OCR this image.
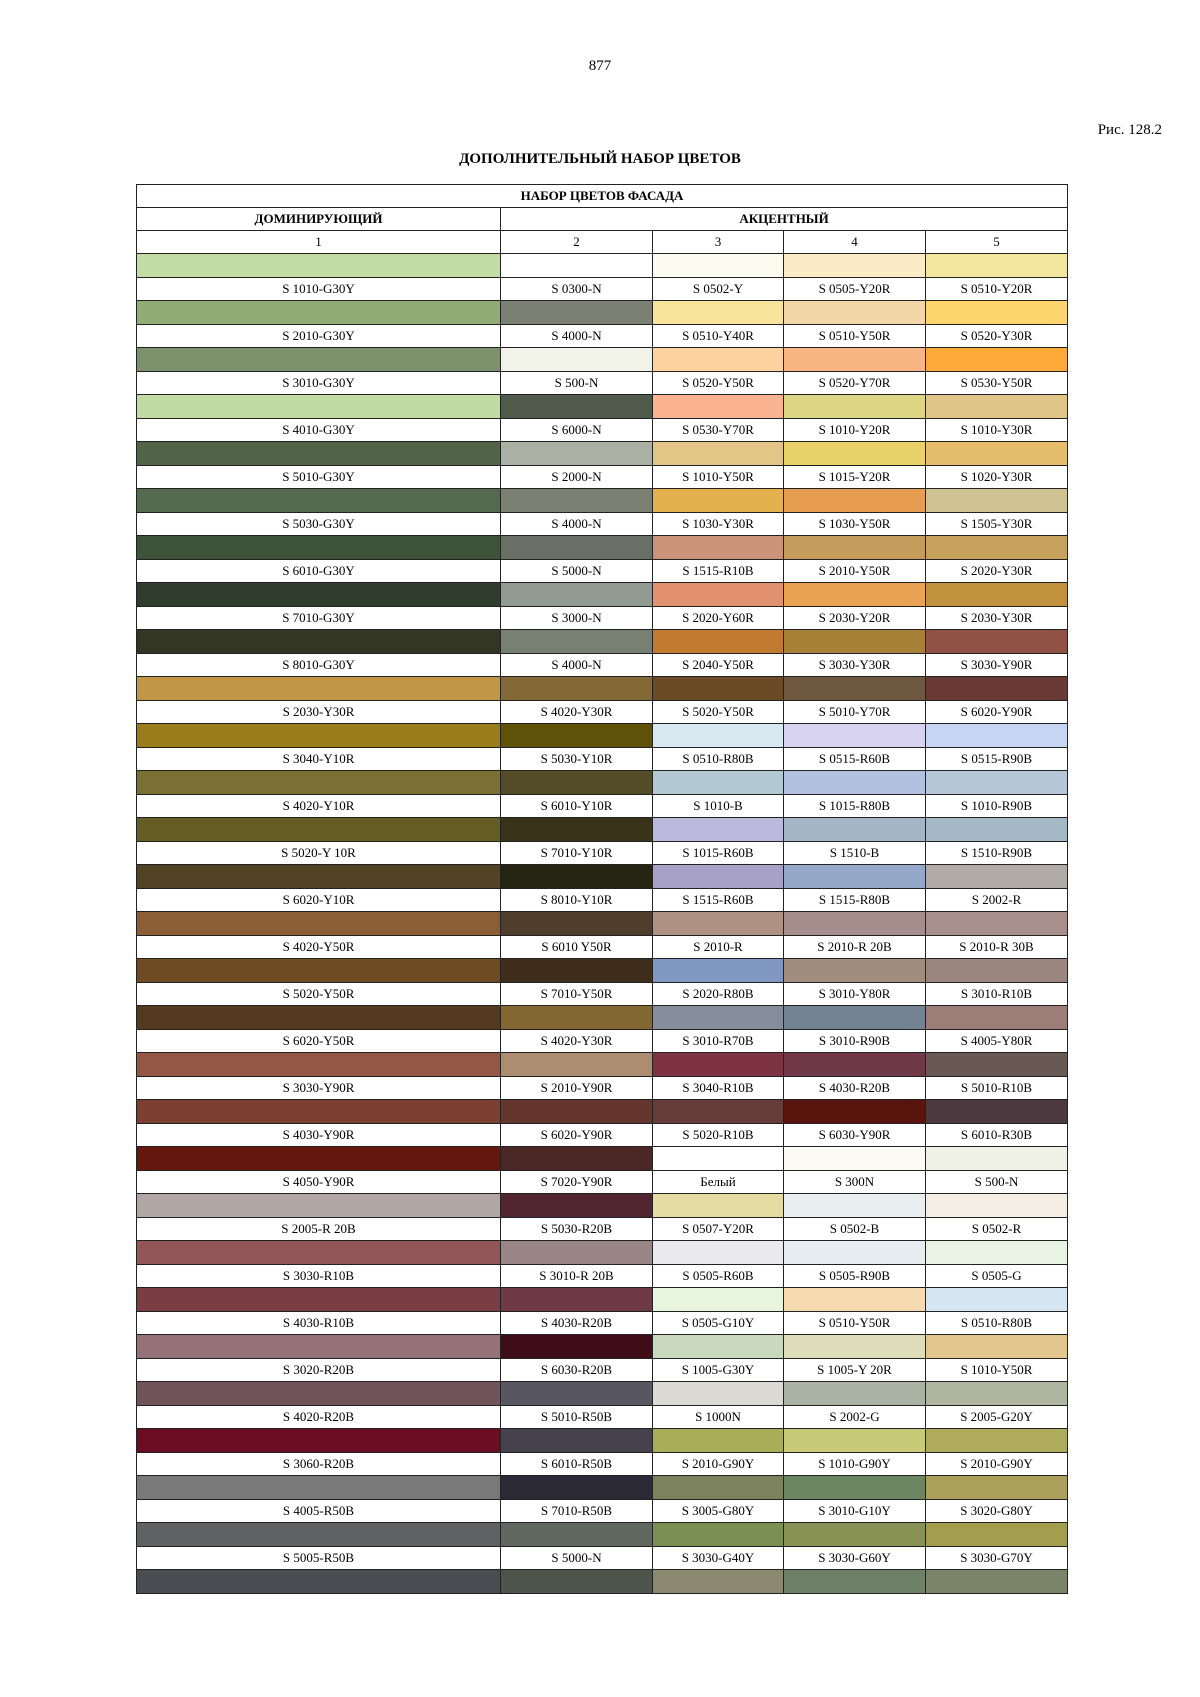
877
Рис. 128.2
ДОПОЛНИТЕЛЬНЫЙ НАБОР ЦВЕТОВ
НАБОР ЦВЕТОВ ФАСАДА				
ДОМИНИРУЮЩИЙ	АКЦЕНТНЫЙ			
1	2	3	4	5

S 1010-G30Y	S 0300-N	S 0502-Y	S 0505-Y20R	S 0510-Y20R

S 2010-G30Y	S 4000-N	S 0510-Y40R	S 0510-Y50R	S 0520-Y30R

S 3010-G30Y	S 500-N	S 0520-Y50R	S 0520-Y70R	S 0530-Y50R

S 4010-G30Y	S 6000-N	S 0530-Y70R	S 1010-Y20R	S 1010-Y30R

S 5010-G30Y	S 2000-N	S 1010-Y50R	S 1015-Y20R	S 1020-Y30R

S 5030-G30Y	S 4000-N	S 1030-Y30R	S 1030-Y50R	S 1505-Y30R

S 6010-G30Y	S 5000-N	S 1515-R10B	S 2010-Y50R	S 2020-Y30R

S 7010-G30Y	S 3000-N	S 2020-Y60R	S 2030-Y20R	S 2030-Y30R

S 8010-G30Y	S 4000-N	S 2040-Y50R	S 3030-Y30R	S 3030-Y90R

S 2030-Y30R	S 4020-Y30R	S 5020-Y50R	S 5010-Y70R	S 6020-Y90R

S 3040-Y10R	S 5030-Y10R	S 0510-R80B	S 0515-R60B	S 0515-R90B

S 4020-Y10R	S 6010-Y10R	S 1010-B	S 1015-R80B	S 1010-R90B

S 5020-Y 10R	S 7010-Y10R	S 1015-R60B	S 1510-B	S 1510-R90B

S 6020-Y10R	S 8010-Y10R	S 1515-R60B	S 1515-R80B	S 2002-R

S 4020-Y50R	S 6010 Y50R	S 2010-R	S 2010-R 20B	S 2010-R 30B

S 5020-Y50R	S 7010-Y50R	S 2020-R80B	S 3010-Y80R	S 3010-R10B

S 6020-Y50R	S 4020-Y30R	S 3010-R70B	S 3010-R90B	S 4005-Y80R

S 3030-Y90R	S 2010-Y90R	S 3040-R10B	S 4030-R20B	S 5010-R10B

S 4030-Y90R	S 6020-Y90R	S 5020-R10B	S 6030-Y90R	S 6010-R30B

S 4050-Y90R	S 7020-Y90R	Белый	S 300N	S 500-N

S 2005-R 20B	S 5030-R20B	S 0507-Y20R	S 0502-B	S 0502-R

S 3030-R10B	S 3010-R 20B	S 0505-R60B	S 0505-R90B	S 0505-G

S 4030-R10B	S 4030-R20B	S 0505-G10Y	S 0510-Y50R	S 0510-R80B

S 3020-R20B	S 6030-R20B	S 1005-G30Y	S 1005-Y 20R	S 1010-Y50R

S 4020-R20B	S 5010-R50B	S 1000N	S 2002-G	S 2005-G20Y

S 3060-R20B	S 6010-R50B	S 2010-G90Y	S 1010-G90Y	S 2010-G90Y

S 4005-R50B	S 7010-R50B	S 3005-G80Y	S 3010-G10Y	S 3020-G80Y

S 5005-R50B	S 5000-N	S 3030-G40Y	S 3030-G60Y	S 3030-G70Y
